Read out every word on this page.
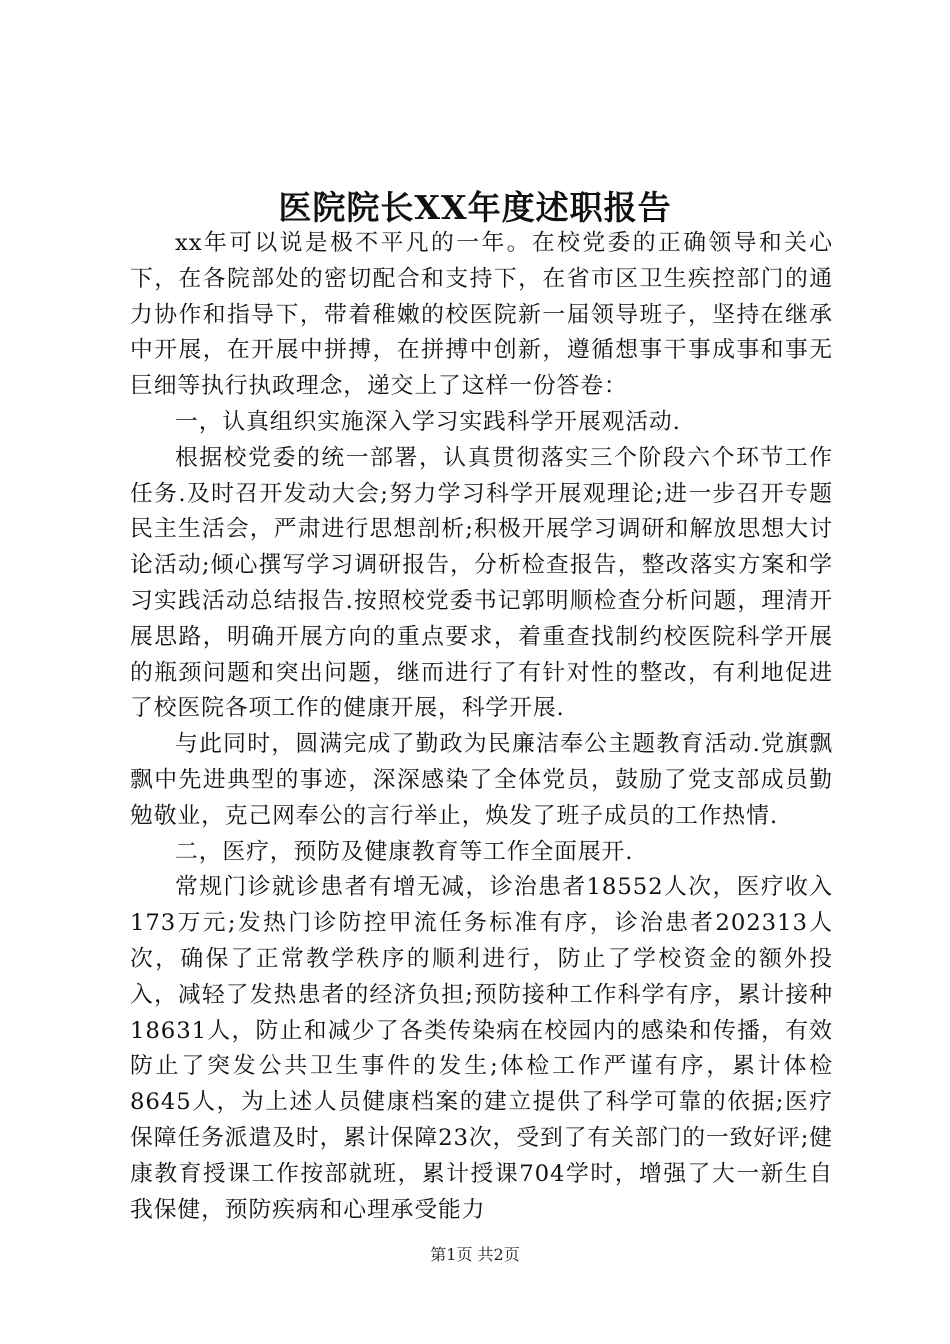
医院院长XX年度述职报告

xx年可以说是极不平凡的一年。在校党委的正确领导和关心下，在各院部处的密切配合和支持下，在省市区卫生疾控部门的通力协作和指导下，带着稚嫩的校医院新一届领导班子，坚持在继承中开展，在开展中拼搏，在拼搏中创新，遵循想事干事成事和事无巨细等执行执政理念，递交上了这样一份答卷：

一，认真组织实施深入学习实践科学开展观活动.

根据校党委的统一部署，认真贯彻落实三个阶段六个环节工作任务.及时召开发动大会;努力学习科学开展观理论;进一步召开专题民主生活会，严肃进行思想剖析;积极开展学习调研和解放思想大讨论活动;倾心撰写学习调研报告，分析检查报告，整改落实方案和学习实践活动总结报告.按照校党委书记郭明顺检查分析问题，理清开展思路，明确开展方向的重点要求，着重查找制约校医院科学开展的瓶颈问题和突出问题，继而进行了有针对性的整改，有利地促进了校医院各项工作的健康开展，科学开展.

与此同时，圆满完成了勤政为民廉洁奉公主题教育活动.党旗飘飘中先进典型的事迹，深深感染了全体党员，鼓励了党支部成员勤勉敬业，克己网奉公的言行举止，焕发了班子成员的工作热情.

二，医疗，预防及健康教育等工作全面展开.

常规门诊就诊患者有增无减，诊治患者18552人次，医疗收入173万元;发热门诊防控甲流任务标准有序，诊治患者202313人次，确保了正常教学秩序的顺利进行，防止了学校资金的额外投入，减轻了发热患者的经济负担;预防接种工作科学有序，累计接种18631人，防止和减少了各类传染病在校园内的感染和传播，有效防止了突发公共卫生事件的发生;体检工作严谨有序，累计体检8645人，为上述人员健康档案的建立提供了科学可靠的依据;医疗保障任务派遣及时，累计保障23次，受到了有关部门的一致好评;健康教育授课工作按部就班，累计授课704学时，增强了大一新生自我保健，预防疾病和心理承受能力

第1页 共2页
